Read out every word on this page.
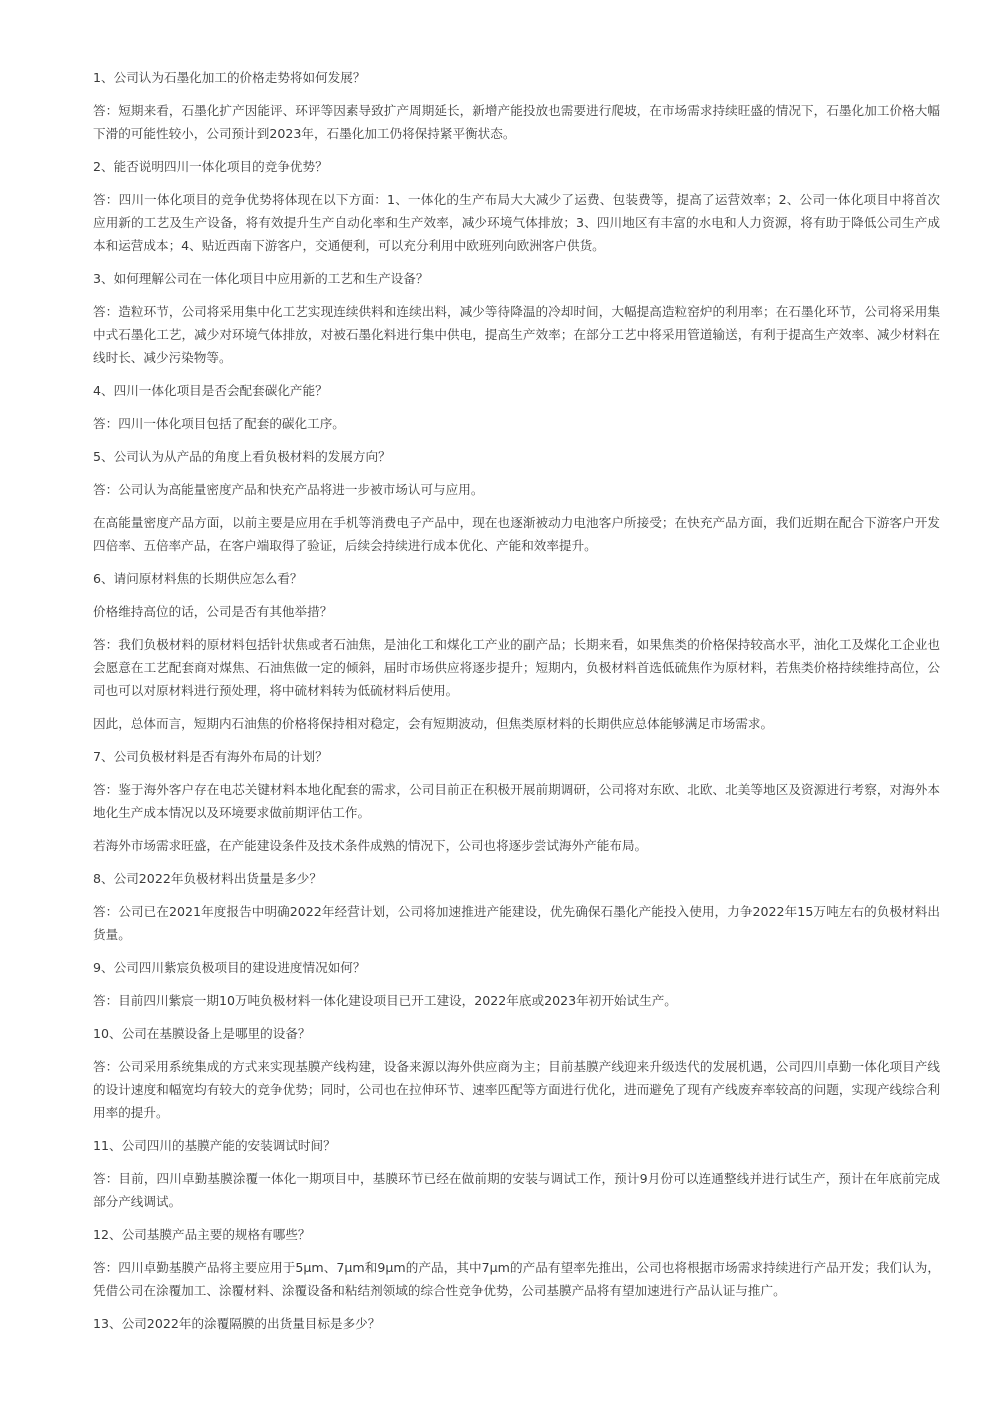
1、公司认为石墨化加工的价格走势将如何发展？

答：短期来看，石墨化扩产因能评、环评等因素导致扩产周期延长，新增产能投放也需要进行爬坡，在市场需求持续旺盛的情况下，石墨化加工价格大幅下滑的可能性较小，公司预计到2023年，石墨化加工仍将保持紧平衡状态。

2、能否说明四川一体化项目的竞争优势？

答：四川一体化项目的竞争优势将体现在以下方面：1、一体化的生产布局大大减少了运费、包装费等，提高了运营效率；2、公司一体化项目中将首次应用新的工艺及生产设备，将有效提升生产自动化率和生产效率，减少环境气体排放；3、四川地区有丰富的水电和人力资源，将有助于降低公司生产成本和运营成本；4、贴近西南下游客户，交通便利，可以充分利用中欧班列向欧洲客户供货。

3、如何理解公司在一体化项目中应用新的工艺和生产设备？

答：造粒环节，公司将采用集中化工艺实现连续供料和连续出料，减少等待降温的冷却时间，大幅提高造粒窑炉的利用率；在石墨化环节，公司将采用集中式石墨化工艺，减少对环境气体排放，对被石墨化料进行集中供电，提高生产效率；在部分工艺中将采用管道输送，有利于提高生产效率、减少材料在线时长、减少污染物等。

4、四川一体化项目是否会配套碳化产能？

答：四川一体化项目包括了配套的碳化工序。

5、公司认为从产品的角度上看负极材料的发展方向？

答：公司认为高能量密度产品和快充产品将进一步被市场认可与应用。

在高能量密度产品方面，以前主要是应用在手机等消费电子产品中，现在也逐渐被动力电池客户所接受；在快充产品方面，我们近期在配合下游客户开发四倍率、五倍率产品，在客户端取得了验证，后续会持续进行成本优化、产能和效率提升。

6、请问原材料焦的长期供应怎么看？

价格维持高位的话，公司是否有其他举措？

答：我们负极材料的原材料包括针状焦或者石油焦，是油化工和煤化工产业的副产品；长期来看，如果焦类的价格保持较高水平，油化工及煤化工企业也会愿意在工艺配套商对煤焦、石油焦做一定的倾斜，届时市场供应将逐步提升；短期内，负极材料首选低硫焦作为原材料，若焦类价格持续维持高位，公司也可以对原材料进行预处理，将中硫材料转为低硫材料后使用。

因此，总体而言，短期内石油焦的价格将保持相对稳定，会有短期波动，但焦类原材料的长期供应总体能够满足市场需求。

7、公司负极材料是否有海外布局的计划？

答：鉴于海外客户存在电芯关键材料本地化配套的需求，公司目前正在积极开展前期调研，公司将对东欧、北欧、北美等地区及资源进行考察，对海外本地化生产成本情况以及环境要求做前期评估工作。

若海外市场需求旺盛，在产能建设条件及技术条件成熟的情况下，公司也将逐步尝试海外产能布局。

8、公司2022年负极材料出货量是多少？

答：公司已在2021年度报告中明确2022年经营计划，公司将加速推进产能建设，优先确保石墨化产能投入使用，力争2022年15万吨左右的负极材料出货量。

9、公司四川紫宸负极项目的建设进度情况如何？

答：目前四川紫宸一期10万吨负极材料一体化建设项目已开工建设，2022年底或2023年初开始试生产。

10、公司在基膜设备上是哪里的设备？

答：公司采用系统集成的方式来实现基膜产线构建，设备来源以海外供应商为主；目前基膜产线迎来升级迭代的发展机遇，公司四川卓勤一体化项目产线的设计速度和幅宽均有较大的竞争优势；同时，公司也在拉伸环节、速率匹配等方面进行优化，进而避免了现有产线废弃率较高的问题，实现产线综合利用率的提升。

11、公司四川的基膜产能的安装调试时间？

答：目前，四川卓勤基膜涂覆一体化一期项目中，基膜环节已经在做前期的安装与调试工作，预计9月份可以连通整线并进行试生产，预计在年底前完成部分产线调试。

12、公司基膜产品主要的规格有哪些？

答：四川卓勤基膜产品将主要应用于5μm、7μm和9μm的产品，其中7μm的产品有望率先推出，公司也将根据市场需求持续进行产品开发；我们认为，凭借公司在涂覆加工、涂覆材料、涂覆设备和粘结剂领域的综合性竞争优势，公司基膜产品将有望加速进行产品认证与推广。

13、公司2022年的涂覆隔膜的出货量目标是多少？
